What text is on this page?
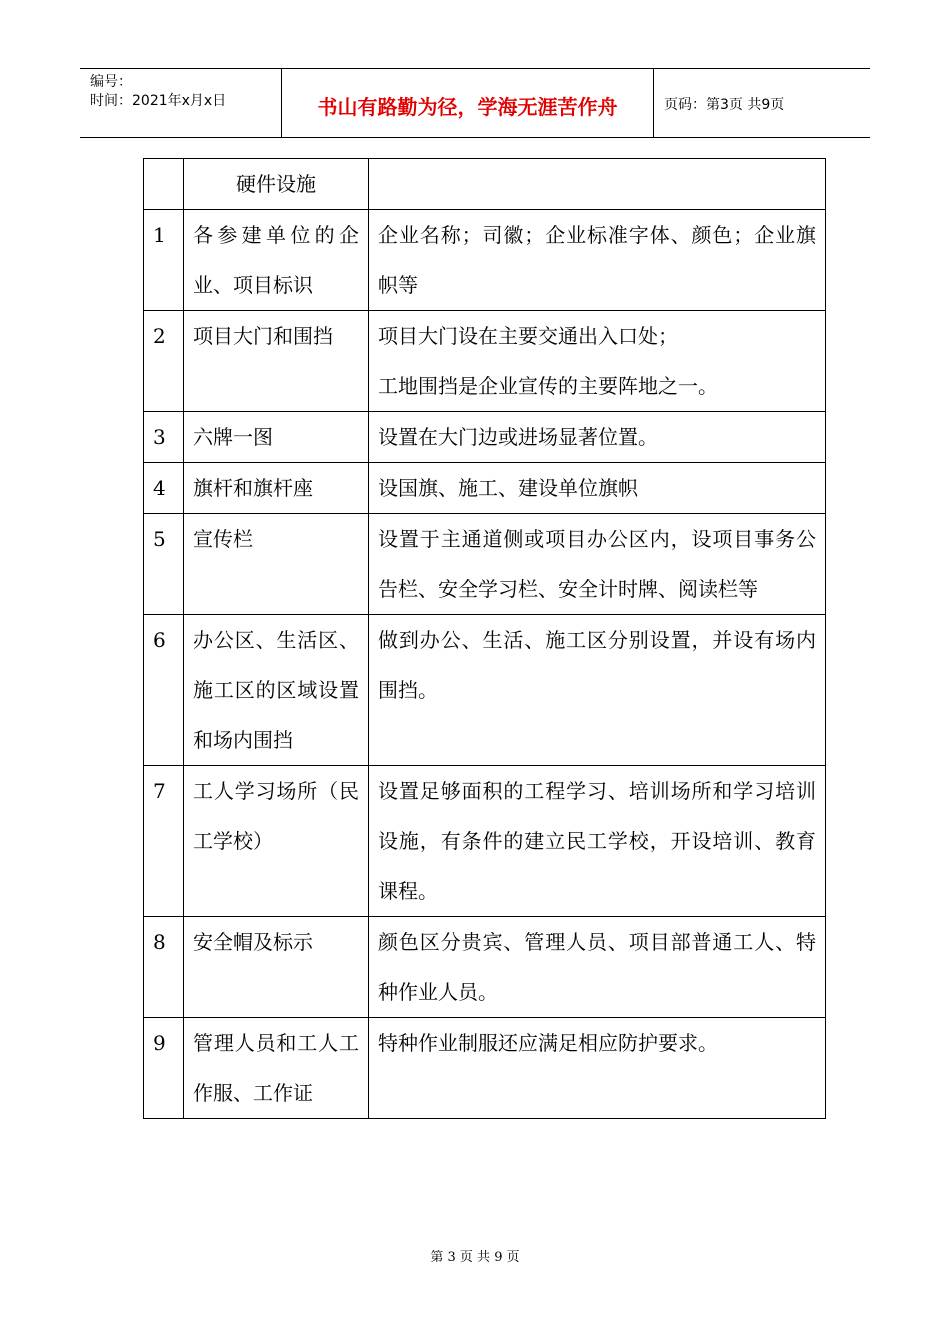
编号：
时间：2021年x月x日	书山有路勤为径，学海无涯苦作舟	页码：第3页 共9页
	硬件设施	
1	各参建单位的企业、项目标识	企业名称；司徽；企业标准字体、颜色；企业旗帜等
2	项目大门和围挡	项目大门设在主要交通出入口处；
工地围挡是企业宣传的主要阵地之一。

3	六牌一图	设置在大门边或进场显著位置。
4	旗杆和旗杆座	设国旗、施工、建设单位旗帜
5	宣传栏	设置于主通道侧或项目办公区内，设项目事务公告栏、安全学习栏、安全计时牌、阅读栏等
6	办公区、生活区、施工区的区域设置和场内围挡	做到办公、生活、施工区分别设置，并设有场内围挡。
7	工人学习场所（民工学校）	设置足够面积的工程学习、培训场所和学习培训设施，有条件的建立民工学校，开设培训、教育课程。
8	安全帽及标示	颜色区分贵宾、管理人员、项目部普通工人、特种作业人员。
9	管理人员和工人工作服、工作证	特种作业制服还应满足相应防护要求。
第 3 页 共 9 页
